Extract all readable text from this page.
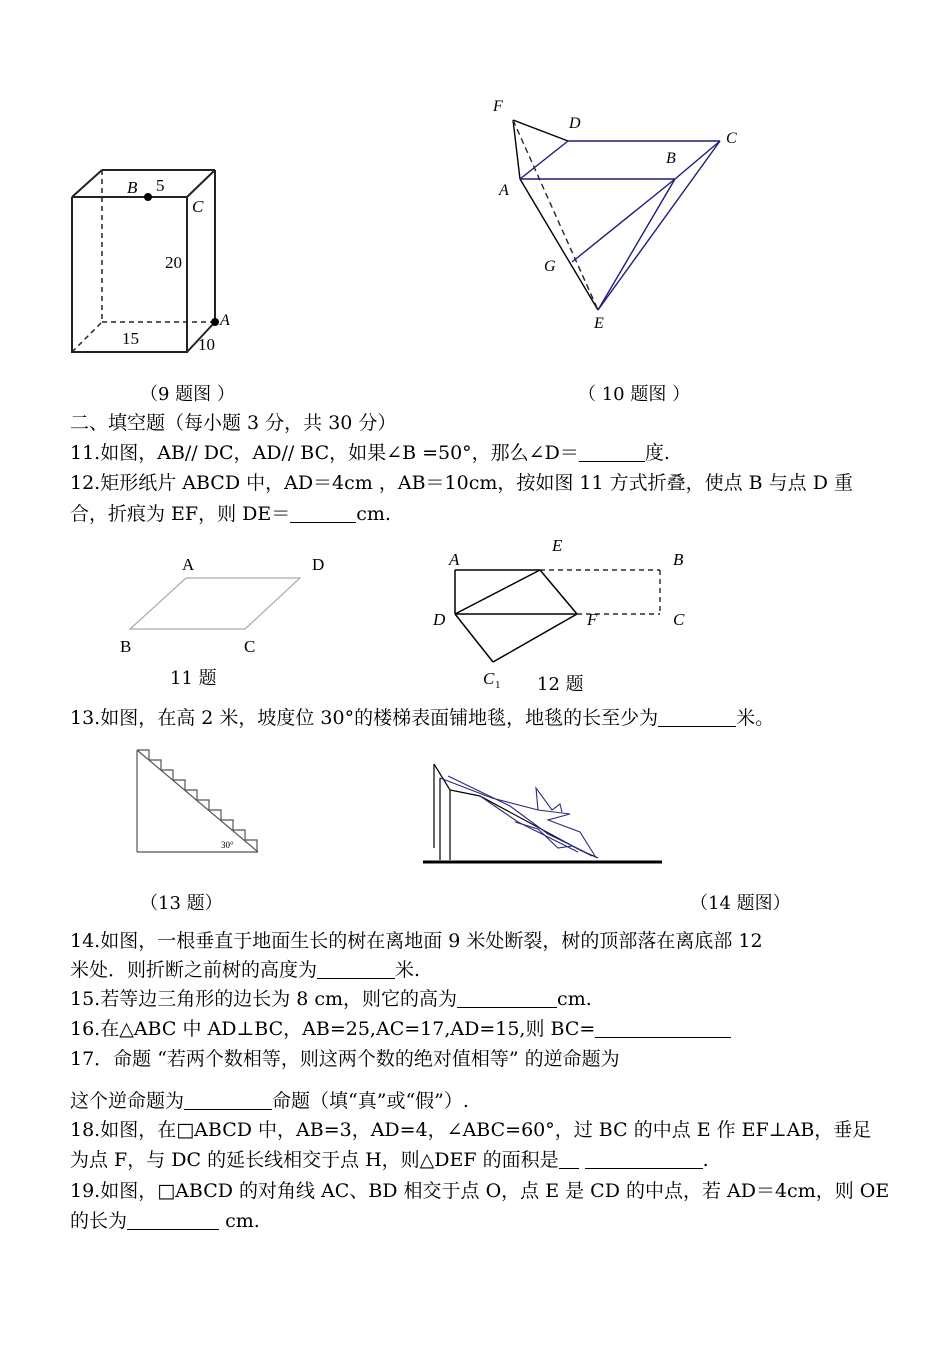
B 5
C
20
A
15	10
（9 题图 ）
F
D
C
B
A
G
E
（ 10 题图 ）
二、填空题（每小题 3 分，共 30 分）
11.如图，AB// DC，AD// BC，如果∠B =50°，那么∠D＝	度.
12.矩形纸片 ABCD 中，AD＝4cm ，AB＝10cm，按如图 11 方式折叠，使点 B 与点 D 重
合，折痕为 EF，则 DE＝	cm.
A	D
B	C
11 题
A
E
B
D	F	C
C 1 12 题
13.如图，在高 2 米，坡度位 30°的楼梯表面铺地毯，地毯的长至少为	米。
30°
（13 题）	（14 题图）
14.如图，一根垂直于地面生长的树在离地面 9 米处断裂，树的顶部落在离底部 12
米处．则折断之前树的高度为	米.
15.若等边三角形的边长为 8 cm，则它的高为	cm.
16.在△ABC 中 AD⊥BC，AB=25,AC=17,AD=15,则 BC=
17．命题 “若两个数相等，则这两个数的绝对值相等” 的逆命题为
这个逆命题为	命题（填“真”或“假”）.
18.如图，在□ABCD 中，AB=3，AD=4，∠ABC=60°，过 BC 的中点 E 作 EF⊥AB，垂足
为点 F，与 DC 的延长线相交于点 H，则△DEF 的面积是	.
19.如图，□ABCD 的对角线 AC、BD 相交于点 O，点 E 是 CD 的中点，若 AD＝4cm，则 OE
的长为	cm.
